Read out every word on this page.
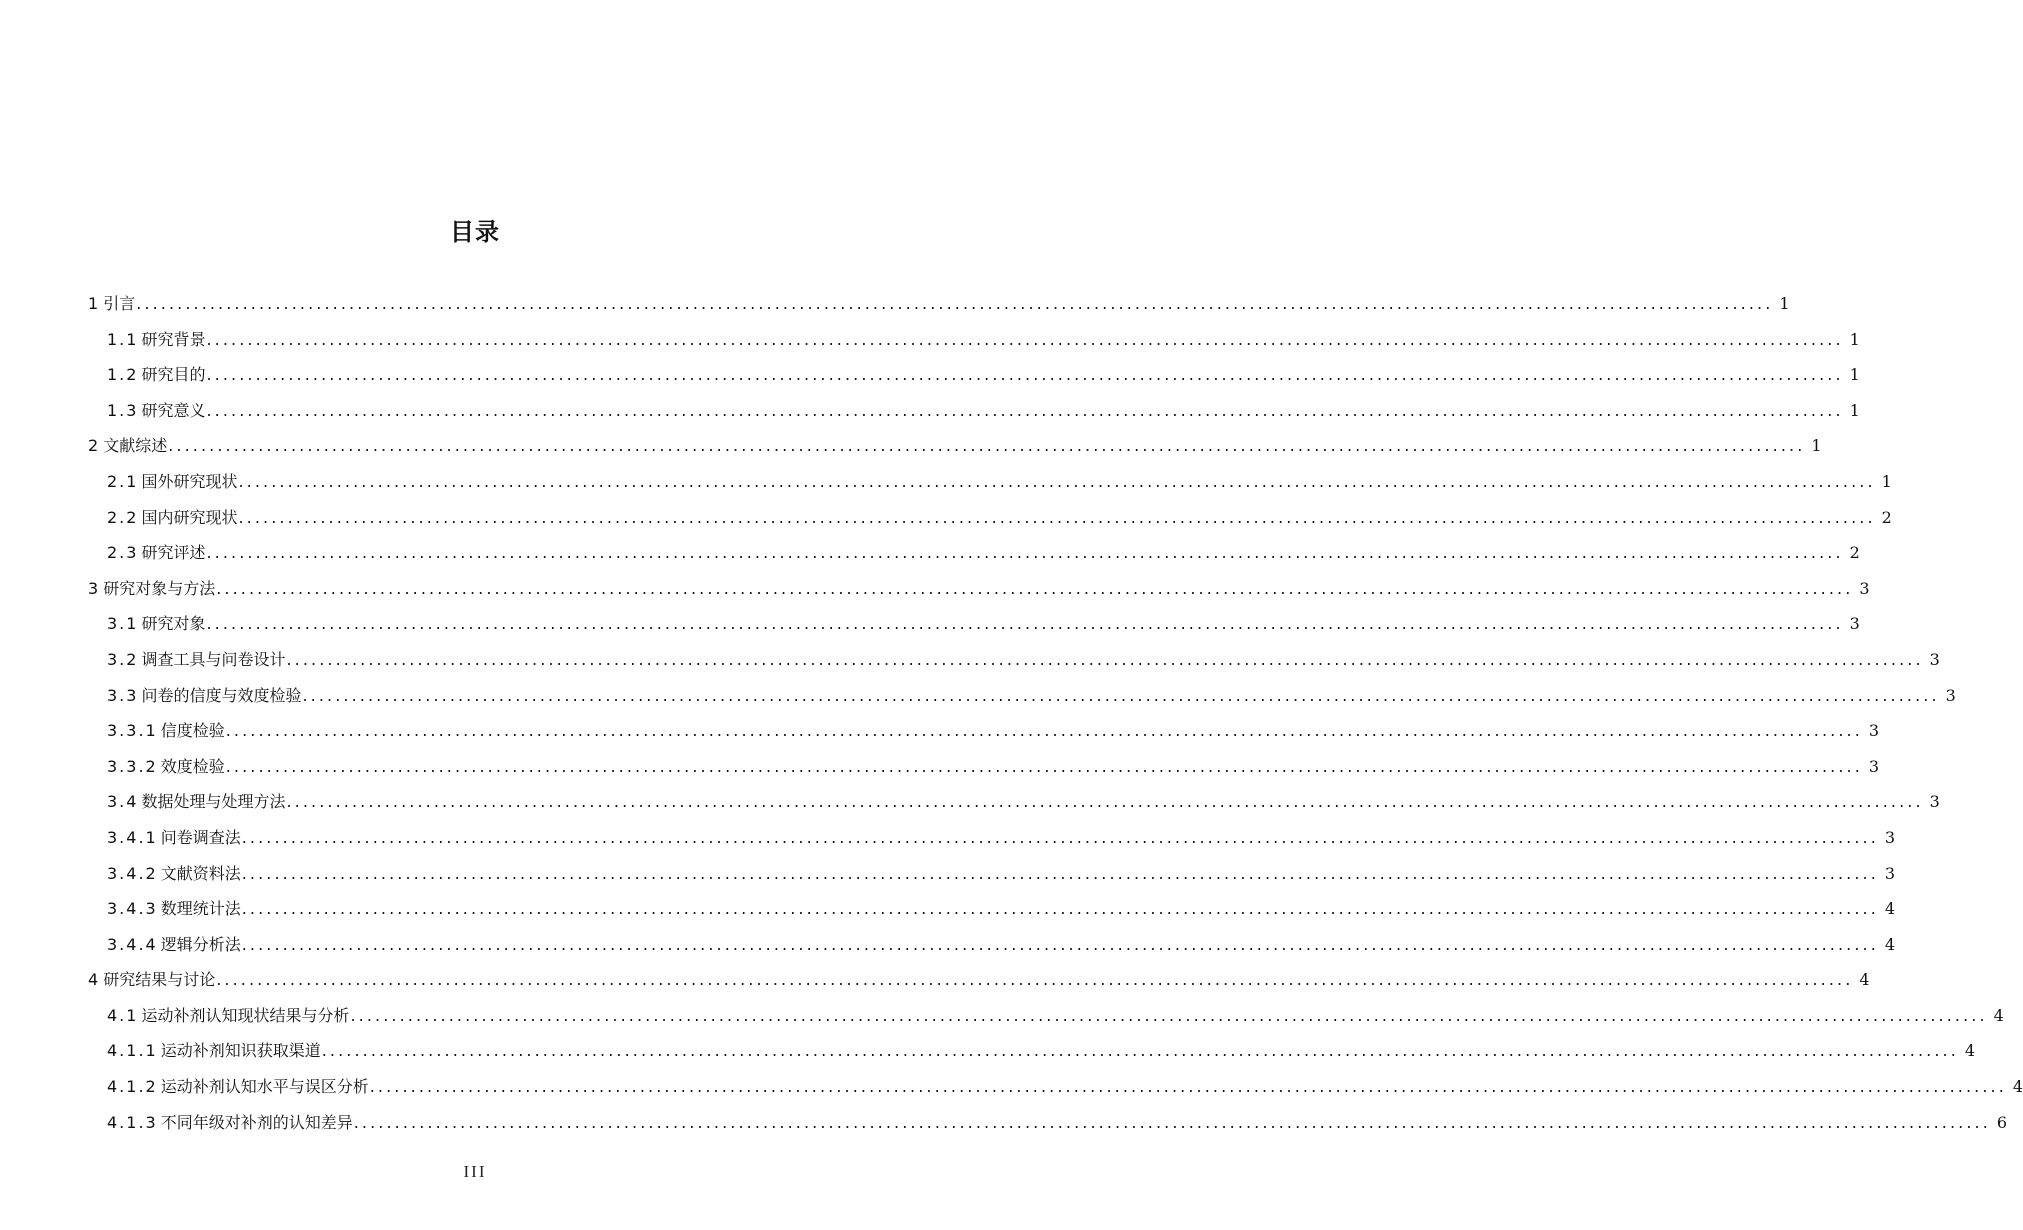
目录
1 引言 ........................................................................................................................................................................................................ 1
1.1 研究背景 ........................................................................................................................................................................................................ 1
1.2 研究目的 ........................................................................................................................................................................................................ 1
1.3 研究意义 ........................................................................................................................................................................................................ 1
2 文献综述 ........................................................................................................................................................................................................ 1
2.1 国外研究现状 ........................................................................................................................................................................................................ 1
2.2 国内研究现状 ........................................................................................................................................................................................................ 2
2.3 研究评述 ........................................................................................................................................................................................................ 2
3 研究对象与方法 ........................................................................................................................................................................................................ 3
3.1 研究对象 ........................................................................................................................................................................................................ 3
3.2 调查工具与问卷设计 ........................................................................................................................................................................................................ 3
3.3 问卷的信度与效度检验 ........................................................................................................................................................................................................ 3
3.3.1 信度检验 ........................................................................................................................................................................................................ 3
3.3.2 效度检验 ........................................................................................................................................................................................................ 3
3.4 数据处理与处理方法 ........................................................................................................................................................................................................ 3
3.4.1 问卷调查法 ........................................................................................................................................................................................................ 3
3.4.2 文献资料法 ........................................................................................................................................................................................................ 3
3.4.3 数理统计法 ........................................................................................................................................................................................................ 4
3.4.4 逻辑分析法 ........................................................................................................................................................................................................ 4
4 研究结果与讨论 ........................................................................................................................................................................................................ 4
4.1 运动补剂认知现状结果与分析 ........................................................................................................................................................................................................ 4
4.1.1 运动补剂知识获取渠道 ........................................................................................................................................................................................................ 4
4.1.2 运动补剂认知水平与误区分析 ........................................................................................................................................................................................................ 4
4.1.3 不同年级对补剂的认知差异 ........................................................................................................................................................................................................ 6
III
